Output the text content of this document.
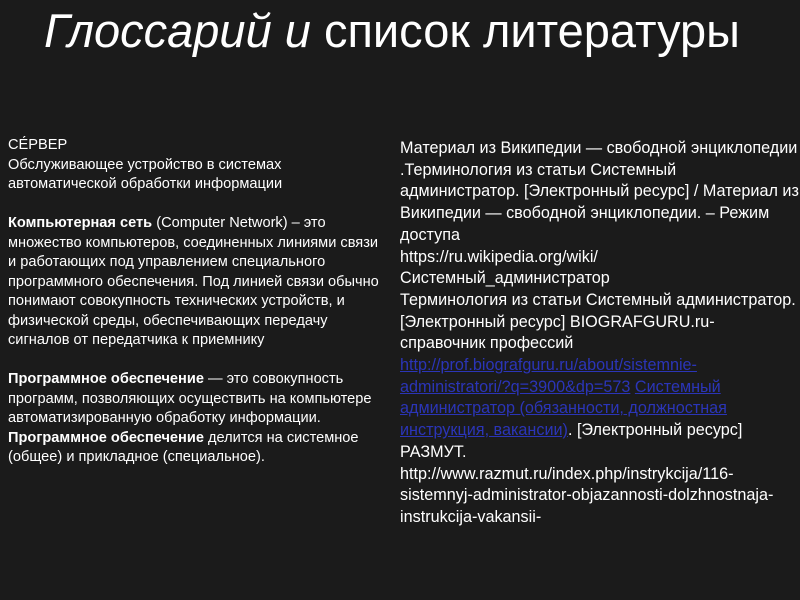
Глоссарий и список литературы

СЕ́РВЕР
Обслуживающее устройство в системах автоматической обработки информации

Компьютерная сеть (Computer Network) – это множество компьютеров, соединенных линиями связи и работающих под управлением специального программного обеспечения. Под линией связи обычно понимают совокупность технических устройств, и физической среды, обеспечивающих передачу сигналов от передатчика к приемнику

Программное обеспечение — это совокупность программ, позволяющих осуществить на компьютере автоматизированную обработку информации. Программное обеспечение делится на системное (общее) и прикладное (специальное).

Материал из Википедии — свободной энциклопедии .Терминология из статьи Системный администратор. [Электронный ресурс] / Материал из Википедии — свободной энциклопедии. – Режим доступа
https://ru.wikipedia.org/wiki/Системный_администратор

Терминология из статьи Системный администратор. [Электронный ресурс] BIOGRAFGURU.ru-справочник профессий http://prof.biografguru.ru/about/sistemnie-administratori/?q=3900&dp=573 Системный администратор (обязанности, должностная инструкция, вакансии). [Электронный ресурс] РАЗМУТ. http://www.razmut.ru/index.php/instrykcija/116-sistemnyj-administrator-objazannosti-dolzhnostnaja-instrukcija-vakansii-
